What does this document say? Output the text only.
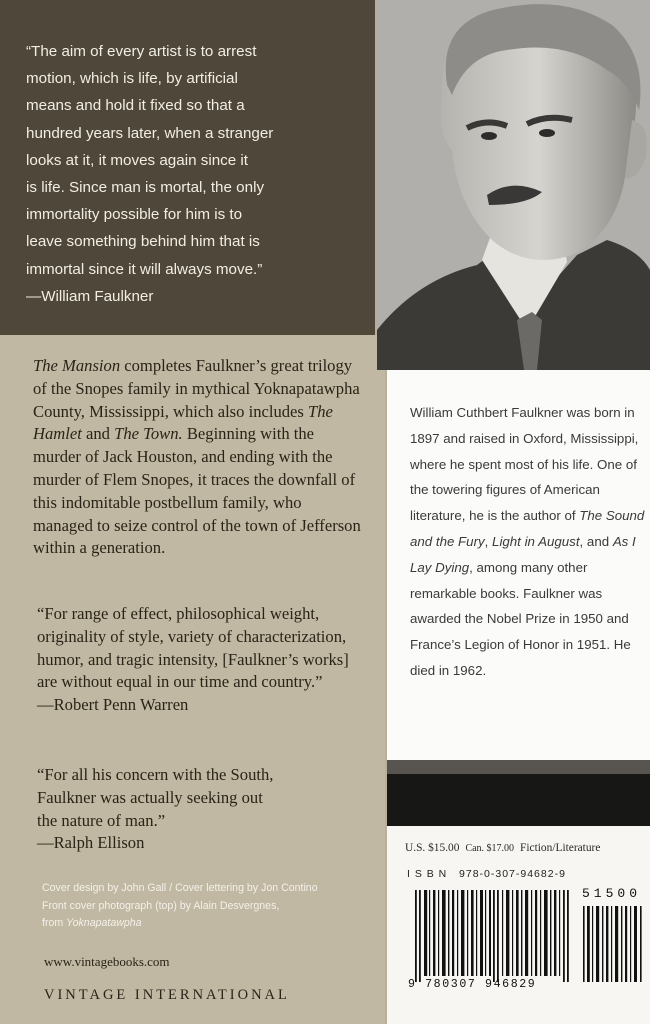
“The aim of every artist is to arrest
motion, which is life, by artificial
means and hold it fixed so that a
hundred years later, when a stranger
looks at it, it moves again since it
is life. Since man is mortal, the only
immortality possible for him is to
leave something behind him that is
immortal since it will always move.”
—William Faulkner
The Mansion completes Faulkner’s great trilogy of the Snopes family in mythical Yoknapatawpha County, Mississippi, which also includes The Hamlet and The Town. Beginning with the murder of Jack Houston, and ending with the murder of Flem Snopes, it traces the downfall of this indomitable postbellum family, who managed to seize control of the town of Jefferson within a generation.
“For range of effect, philosophical weight, originality of style, variety of characterization, humor, and tragic intensity, [Faulkner’s works] are without equal in our time and country.”
—Robert Penn Warren
“For all his concern with the South, Faulkner was actually seeking out the nature of man.”
—Ralph Ellison
Cover design by John Gall / Cover lettering by Jon Contino
Front cover photograph (top) by Alain Desvergnes,
from Yoknapatawpha
www.vintagebooks.com
VINTAGE INTERNATIONAL
William Cuthbert Faulkner was born in 1897 and raised in Oxford, Mississippi, where he spent most of his life. One of the towering figures of American literature, he is the author of The Sound and the Fury, Light in August, and As I Lay Dying, among many other remarkable books. Faulkner was awarded the Nobel Prize in 1950 and France’s Legion of Honor in 1951. He died in 1962.
U.S. $15.00 Can. $17.00 Fiction/Literature
I S B N   978-0-307-94682-9
51500
9 780307 946829
